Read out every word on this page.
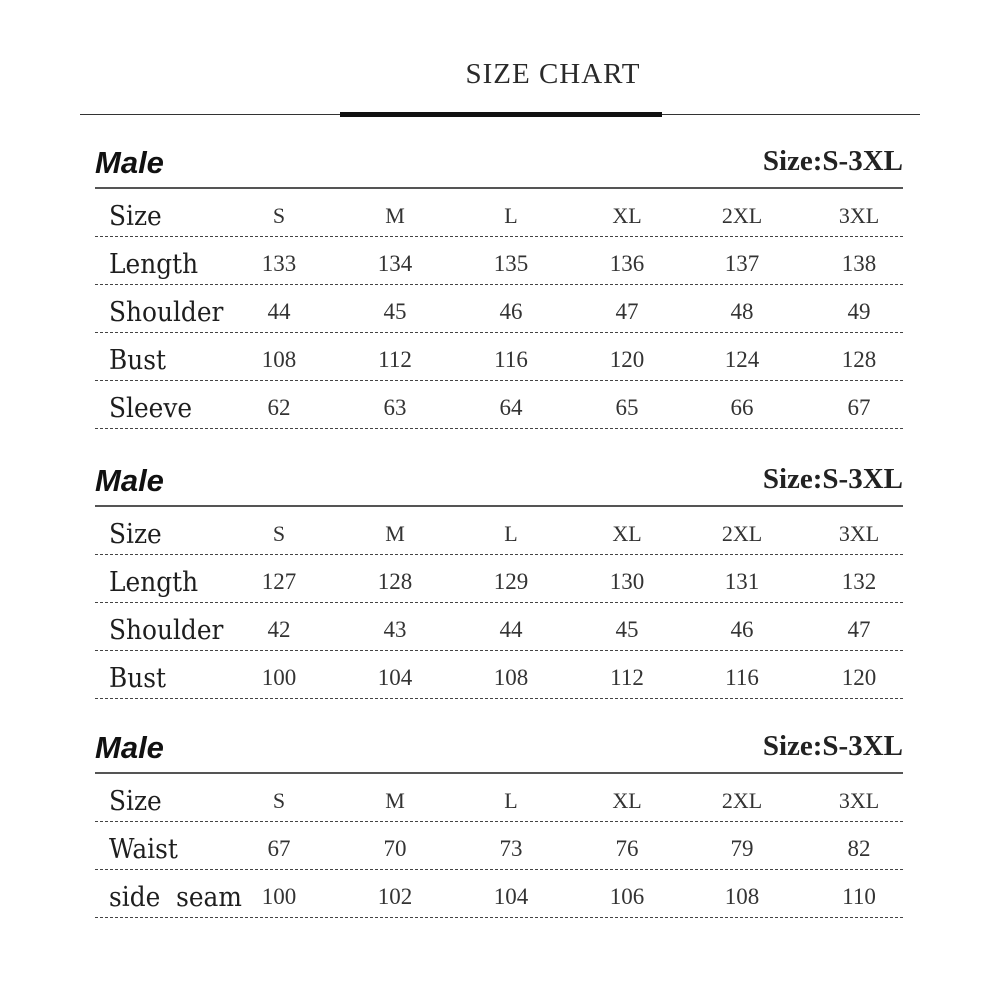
SIZE CHART
Male	Size:S-3XL
Size	S	M	L	XL	2XL	3XL
Length	133	134	135	136	137	138
Shoulder	44	45	46	47	48	49
Bust	108	112	116	120	124	128
Sleeve	62	63	64	65	66	67
Male	Size:S-3XL
Size	S	M	L	XL	2XL	3XL
Length	127	128	129	130	131	132
Shoulder	42	43	44	45	46	47
Bust	100	104	108	112	116	120
Male	Size:S-3XL
Size	S	M	L	XL	2XL	3XL
Waist	67	70	73	76	79	82
side  seam 100	102	104	106	108	110
